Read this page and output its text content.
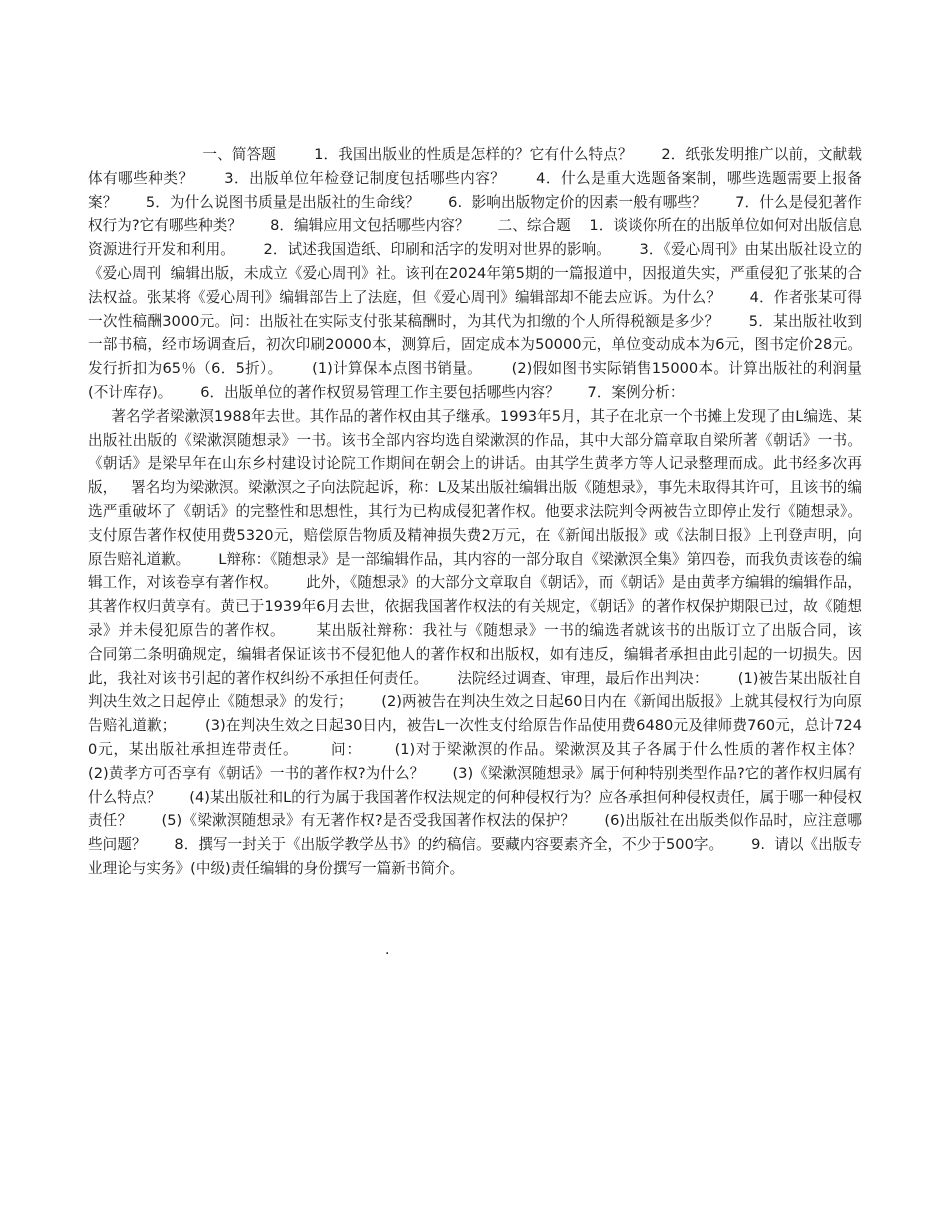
一、简答题        1．我国出版业的性质是怎样的？它有什么特点？      2．纸张发明推广以前，文献载体有哪些种类？      3．出版单位年检登记制度包括哪些内容？      4．什么是重大选题备案制，哪些选题需要上报备案？      5．为什么说图书质量是出版社的生命线？      6.  影响出版物定价的因素一般有哪些？      7．什么是侵犯著作权行为?它有哪些种类？      8．编辑应用文包括哪些内容？      二、综合题    1．谈谈你所在的出版单位如何对出版信息资源进行开发和利用。      2．试述我国造纸、印刷和活字的发明对世界的影响。      3．《爱心周刊》由某出版社设立的《爱心周刊  编辑出版，未成立《爱心周刊》社。该刊在2024年第5期的一篇报道中，因报道失实，严重侵犯了张某的合法权益。张某将《爱心周刊》编辑部告上了法庭，但《爱心周刊》编辑部却不能去应诉。为什么？      4．作者张某可得一次性稿酬3000元。问：出版社在实际支付张某稿酬时，为其代为扣缴的个人所得税额是多少？      5．某出版社收到一部书稿，经市场调查后，初次印刷20000本，测算后，固定成本为50000元，单位变动成本为6元，图书定价28元。发行折扣为65％（6．5折）。      (1)计算保本点图书销量。      (2)假如图书实际销售15000本。计算出版社的利润量(不计库存)。      6．出版单位的著作权贸易管理工作主要包括哪些内容？      7．案例分析：

著名学者梁漱溟1988年去世。其作品的著作权由其子继承。1993年5月，其子在北京一个书摊上发现了由L编选、某出版社出版的《梁漱溟随想录》一书。该书全部内容均选自梁漱溟的作品，其中大部分篇章取自梁所著《朝话》一书。《朝话》是梁早年在山东乡村建设讨论院工作期间在朝会上的讲话。由其学生黄孝方等人记录整理而成。此书经多次再版，   署名均为梁漱溟。梁漱溟之子向法院起诉，称：L及某出版社编辑出版《随想录》，事先未取得其许可，且该书的编选严重破坏了《朝话》的完整性和思想性，其行为已构成侵犯著作权。他要求法院判令两被告立即停止发行《随想录》。支付原告著作权使用费5320元，赔偿原告物质及精神损失费2万元，在《新闻出版报》或《法制日报》上刊登声明，向原告赔礼道歉。      L辩称：《随想录》是一部编辑作品，其内容的一部分取自《梁漱溟全集》第四卷，而我负责该卷的编辑工作，对该卷享有著作权。      此外，《随想录》的大部分文章取自《朝话》，而《朝话》是由黄孝方编辑的编辑作品，其著作权归黄享有。黄已于1939年6月去世，依据我国著作权法的有关规定，《朝话》的著作权保护期限已过，故《随想录》并未侵犯原告的著作权。      某出版社辩称：我社与《随想录》一书的编选者就该书的出版订立了出版合同，该      合同第二条明确规定，编辑者保证该书不侵犯他人的著作权和出版权，如有违反，编辑者承担由此引起的一切损失。因此，我社对该书引起的著作权纠纷不承担任何责任。      法院经过调查、审理，最后作出判决：      (1)被告某出版社自判决生效之日起停止《随想录》的发行；      (2)两被告在判决生效之日起60日内在《新闻出版报》上就其侵权行为向原告赔礼道歉；      (3)在判决生效之日起30日内，被告L一次性支付给原告作品使用费6480元及律师费760元，总计7240元，某出版社承担连带责任。      问：      (1)对于梁漱溟的作品。梁漱溟及其子各属于什么性质的著作权主体？      (2)黄孝方可否享有《朝话》一书的著作权?为什么？      (3)《梁漱溟随想录》属于何种特别类型作品?它的著作权归属有什么特点？      (4)某出版社和L的行为属于我国著作权法规定的何种侵权行为？应各承担何种侵权责任，属于哪一种侵权责任？      (5)《梁漱溟随想录》有无著作权?是否受我国著作权法的保护？      (6)出版社在出版类似作品时，应注意哪些问题？      8．撰写一封关于《出版学教学丛书》的约稿信。要藏内容要素齐全，不少于500字。      9.  请以《出版专业理论与实务》(中级)责任编辑的身份撰写一篇新书简介。

.
